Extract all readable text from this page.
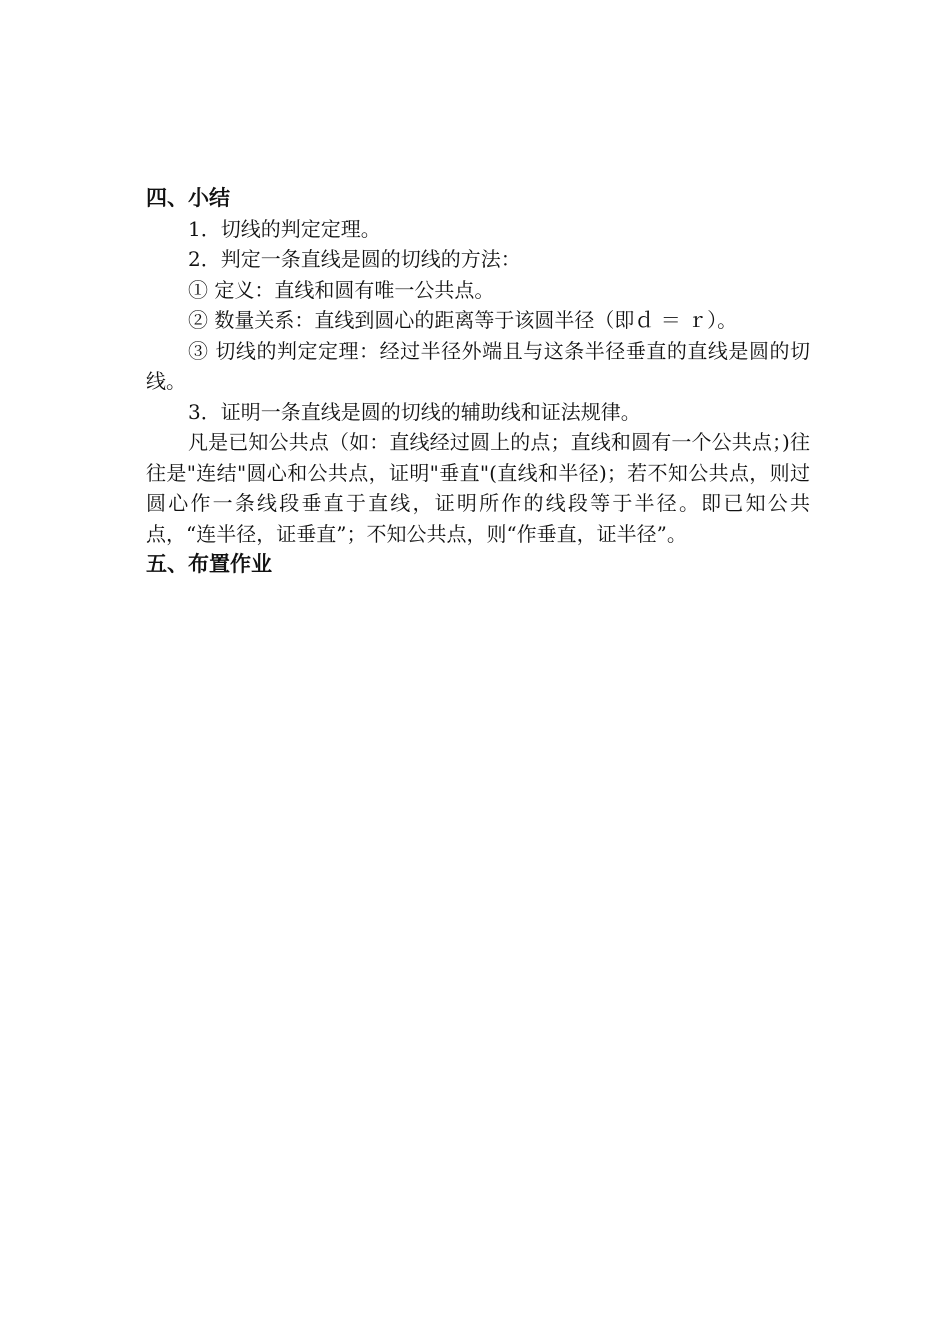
四、小结

1．切线的判定定理。

2．判定一条直线是圆的切线的方法：

① 定义：直线和圆有唯一公共点。

② 数量关系：直线到圆心的距离等于该圆半径（即ｄ ＝ ｒ）。

③ 切线的判定定理：经过半径外端且与这条半径垂直的直线是圆的切线。

3．证明一条直线是圆的切线的辅助线和证法规律。

凡是已知公共点（如：直线经过圆上的点；直线和圆有一个公共点；)往往是"连结"圆心和公共点，证明"垂直"(直线和半径)；若不知公共点，则过圆心作一条线段垂直于直线，证明所作的线段等于半径。即已知公共点，“连半径，证垂直”；不知公共点，则“作垂直，证半径”。

五、布置作业
